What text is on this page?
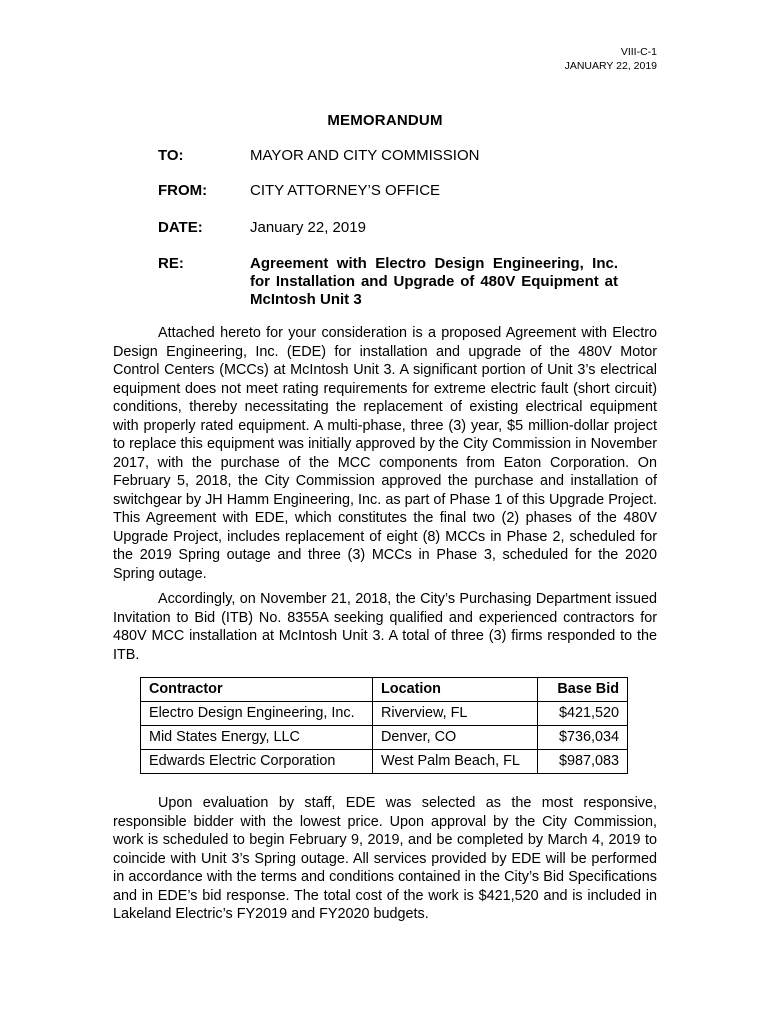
VIII-C-1
JANUARY 22, 2019
MEMORANDUM
TO:	MAYOR AND CITY COMMISSION
FROM:	CITY ATTORNEY’S OFFICE
DATE:	January 22, 2019
RE:	Agreement with Electro Design Engineering, Inc. for Installation and Upgrade of 480V Equipment at McIntosh Unit 3

Attached hereto for your consideration is a proposed Agreement with Electro Design Engineering, Inc. (EDE) for installation and upgrade of the 480V Motor Control Centers (MCCs) at McIntosh Unit 3. A significant portion of Unit 3’s electrical equipment does not meet rating requirements for extreme electric fault (short circuit) conditions, thereby necessitating the replacement of existing electrical equipment with properly rated equipment. A multi-phase, three (3) year, $5 million-dollar project to replace this equipment was initially approved by the City Commission in November 2017, with the purchase of the MCC components from Eaton Corporation. On February 5, 2018, the City Commission approved the purchase and installation of switchgear by JH Hamm Engineering, Inc. as part of Phase 1 of this Upgrade Project. This Agreement with EDE, which constitutes the final two (2) phases of the 480V Upgrade Project, includes replacement of eight (8) MCCs in Phase 2, scheduled for the 2019 Spring outage and three (3) MCCs in Phase 3, scheduled for the 2020 Spring outage.

Accordingly, on November 21, 2018, the City’s Purchasing Department issued Invitation to Bid (ITB) No. 8355A seeking qualified and experienced contractors for 480V MCC installation at McIntosh Unit 3. A total of three (3) firms responded to the ITB.

Contractor	Location	Base Bid
Electro Design Engineering, Inc.	Riverview, FL	$421,520
Mid States Energy, LLC	Denver, CO	$736,034
Edwards Electric Corporation	West Palm Beach, FL	$987,083

Upon evaluation by staff, EDE was selected as the most responsive, responsible bidder with the lowest price. Upon approval by the City Commission, work is scheduled to begin February 9, 2019, and be completed by March 4, 2019 to coincide with Unit 3’s Spring outage. All services provided by EDE will be performed in accordance with the terms and conditions contained in the City’s Bid Specifications and in EDE’s bid response. The total cost of the work is $421,520 and is included in Lakeland Electric’s FY2019 and FY2020 budgets.
